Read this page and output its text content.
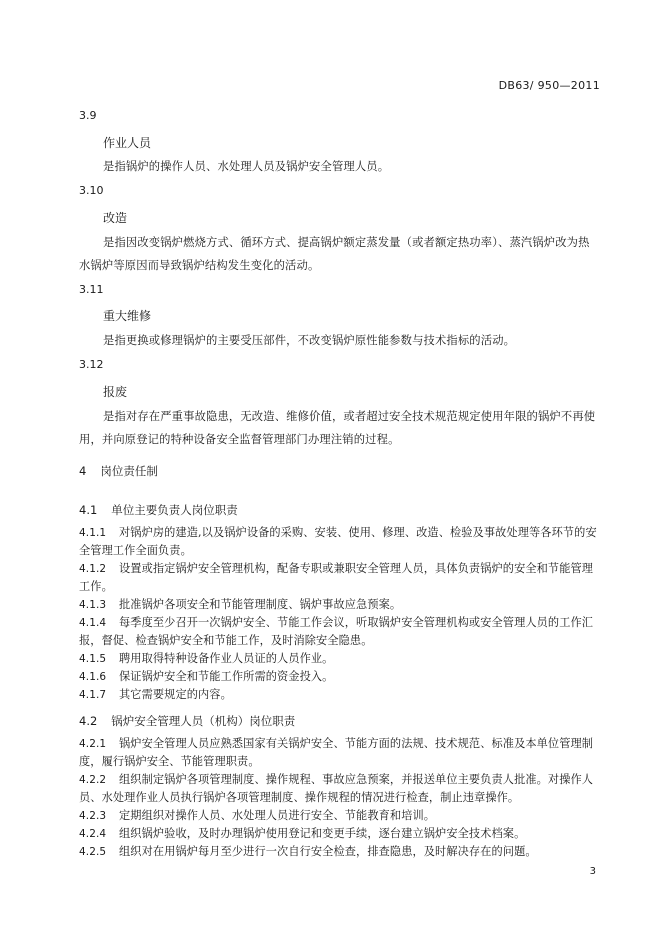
DB63/ 950—2011
3.9
作业人员
是指锅炉的操作人员、水处理人员及锅炉安全管理人员。
3.10
改造
是指因改变锅炉燃烧方式、循环方式、提高锅炉额定蒸发量（或者额定热功率）、蒸汽锅炉改为热水锅炉等原因而导致锅炉结构发生变化的活动。
3.11
重大维修
是指更换或修理锅炉的主要受压部件，不改变锅炉原性能参数与技术指标的活动。
3.12
报废
是指对存在严重事故隐患，无改造、维修价值，或者超过安全技术规范规定使用年限的锅炉不再使用，并向原登记的特种设备安全监督管理部门办理注销的过程。
4 岗位责任制
4.1 单位主要负责人岗位职责
4.1.1 对锅炉房的建造,以及锅炉设备的采购、安装、使用、修理、改造、检验及事故处理等各环节的安全管理工作全面负责。
4.1.2 设置或指定锅炉安全管理机构，配备专职或兼职安全管理人员，具体负责锅炉的安全和节能管理工作。
4.1.3 批准锅炉各项安全和节能管理制度、锅炉事故应急预案。
4.1.4 每季度至少召开一次锅炉安全、节能工作会议，听取锅炉安全管理机构或安全管理人员的工作汇报，督促、检查锅炉安全和节能工作，及时消除安全隐患。
4.1.5 聘用取得特种设备作业人员证的人员作业。
4.1.6 保证锅炉安全和节能工作所需的资金投入。
4.1.7 其它需要规定的内容。
4.2 锅炉安全管理人员（机构）岗位职责
4.2.1 锅炉安全管理人员应熟悉国家有关锅炉安全、节能方面的法规、技术规范、标准及本单位管理制度，履行锅炉安全、节能管理职责。
4.2.2 组织制定锅炉各项管理制度、操作规程、事故应急预案，并报送单位主要负责人批准。对操作人员、水处理作业人员执行锅炉各项管理制度、操作规程的情况进行检查，制止违章操作。
4.2.3 定期组织对操作人员、水处理人员进行安全、节能教育和培训。
4.2.4 组织锅炉验收，及时办理锅炉使用登记和变更手续，逐台建立锅炉安全技术档案。
4.2.5 组织对在用锅炉每月至少进行一次自行安全检查，排查隐患，及时解决存在的问题。
3
